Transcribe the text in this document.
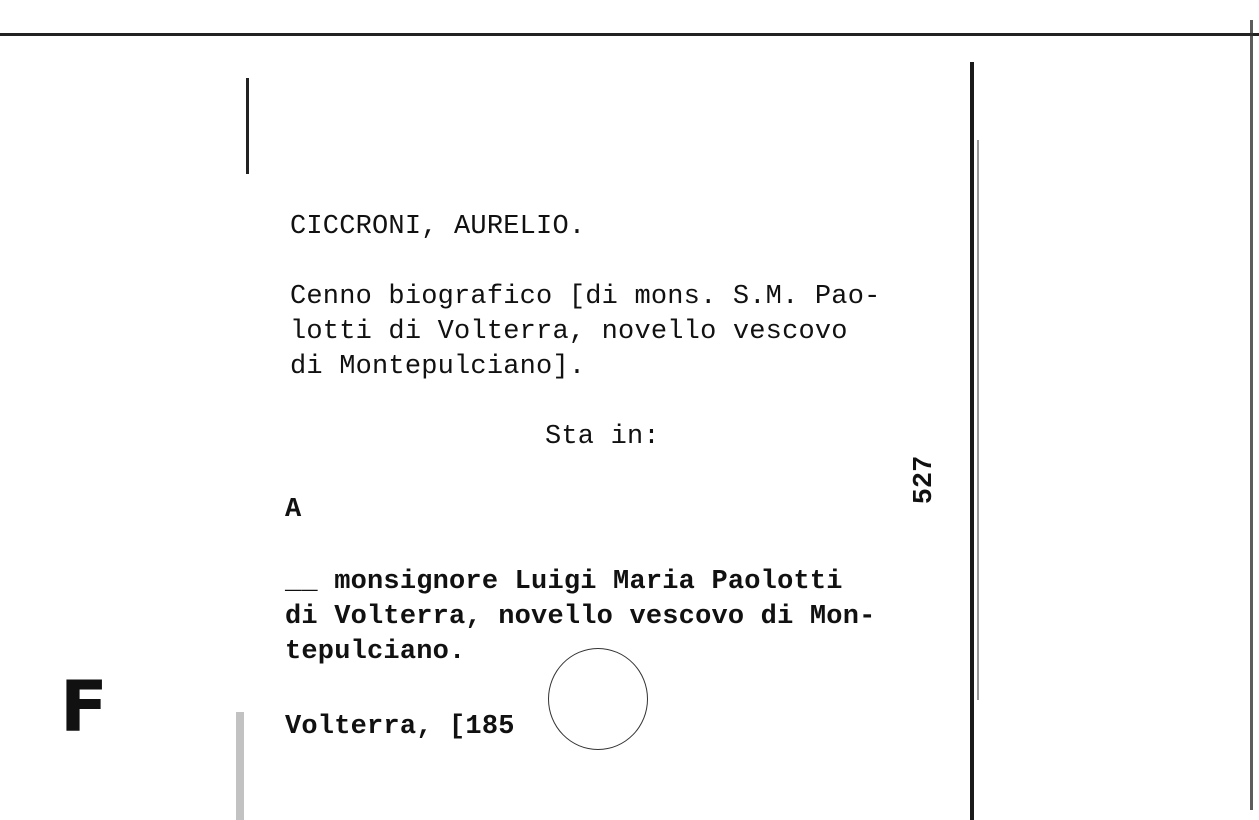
CICCRONI, AURELIO.
Cenno biografico [di mons. S.M. Pao-
lotti di Volterra, novello vescovo
di Montepulciano].
Sta in:
A
__ monsignore Luigi Maria Paolotti
di Volterra, novello vescovo di Mon-
tepulciano.
Volterra, [185
527
F
